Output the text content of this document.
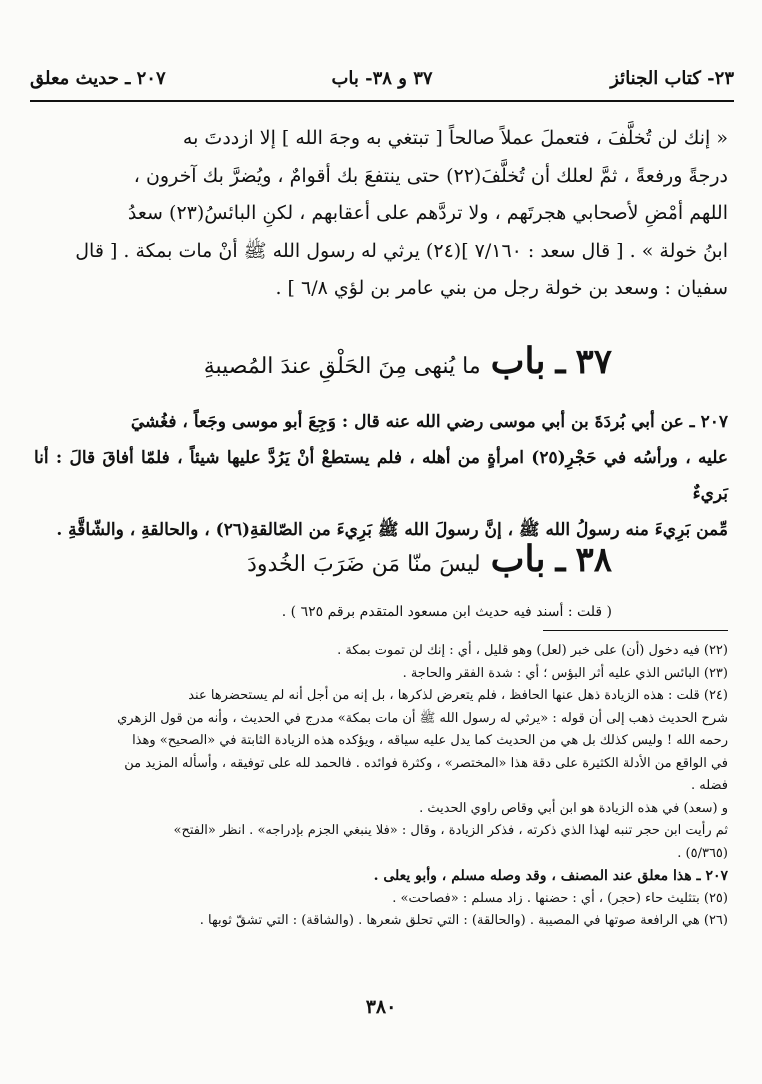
٢٣- كتاب الجنائز
٣٧ و ٣٨- باب
٢٠٧ ـ حديث معلق

« إنك لن تُخلَّفَ ، فتعملَ عملاً صالحاً [ تبتغي به وجهَ الله ] إلا ازددتَ به

درجةً ورفعةً ، ثمَّ لعلك أن تُخلَّفَ(٢٢) حتى ينتفعَ بك أقوامٌ ، ويُضرَّ بك آخرون ،

اللهم أمْضِ لأصحابي هجرتَهم ، ولا تردَّهم على أعقابهم ، لكنِ البائسُ(٢٣) سعدُ

ابنُ خولة » . [ قال سعد : ٧/١٦٠ ](٢٤) يرثي له رسول الله ﷺ أنْ مات بمكة . [ قال

سفيان : وسعد بن خولة رجل من بني عامر بن لؤي ٦/٨ ] .

٣٧
ـ
باب
ما يُنهى مِنَ الحَلْقِ عندَ المُصيبةِ

٢٠٧ ـ عن أبي بُردَةَ بن أبي موسى رضي الله عنه قال : وَجِعَ أبو موسى وجَعاً ، فغُشيَ

عليه ، ورأسُه في حَجْرِ(٢٥) امرأةٍ من أهله ، فلم يستطعْ أنْ يَرُدَّ عليها شيئاً ، فلمّا أفاقَ قالَ : أنا بَريءٌ

مِّمن بَرِيءَ منه رسولُ الله ﷺ ، إنَّ رسولَ الله ﷺ بَرِيءَ من الصّالقةِ(٢٦) ، والحالقةِ ، والشّاقَّةِ .

٣٨
ـ
باب
ليسَ منّا مَن ضَرَبَ الخُدودَ
( قلت : أسند فيه حديث ابن مسعود المتقدم برقم ٦٢٥ ) .

(٢٢) فيه دخول (أن) على خبر (لعل) وهو قليل ، أي : إنك لن تموت بمكة .

(٢٣) البائس الذي عليه أثر البؤس ؛ أي : شدة الفقر والحاجة .

(٢٤) قلت : هذه الزيادة ذهل عنها الحافظ ، فلم يتعرض لذكرها ، بل إنه من أجل أنه لم يستحضرها عند

شرح الحديث ذهب إلى أن قوله : «يرثي له رسول الله ﷺ أن مات بمكة» مدرج في الحديث ، وأنه من قول الزهري

رحمه الله ! وليس كذلك بل هي من الحديث كما يدل عليه سياقه ، ويؤكده هذه الزيادة الثابتة في «الصحيح» وهذا

في الواقع من الأدلة الكثيرة على دقة هذا «المختصر» ، وكثرة فوائده . فالحمد لله على توفيقه ، وأسأله المزيد من

فضله .

و (سعد) في هذه الزيادة هو ابن أبي وقاص راوي الحديث .

ثم رأيت ابن حجر تنبه لهذا الذي ذكرته ، فذكر الزيادة ، وقال : «فلا ينبغي الجزم بإدراجه» . انظر «الفتح»

(٥/٣٦٥) .

٢٠٧ ـ هذا معلق عند المصنف ، وقد وصله مسلم ، وأبو يعلى .

(٢٥) بتثليث حاء (حجر) ، أي : حضنها . زاد مسلم : «فصاحت» .

(٢٦) هي الرافعة صوتها في المصيبة . (والحالقة) : التي تحلق شعرها . (والشاقة) : التي تشقّ ثوبها .

٣٨٠
